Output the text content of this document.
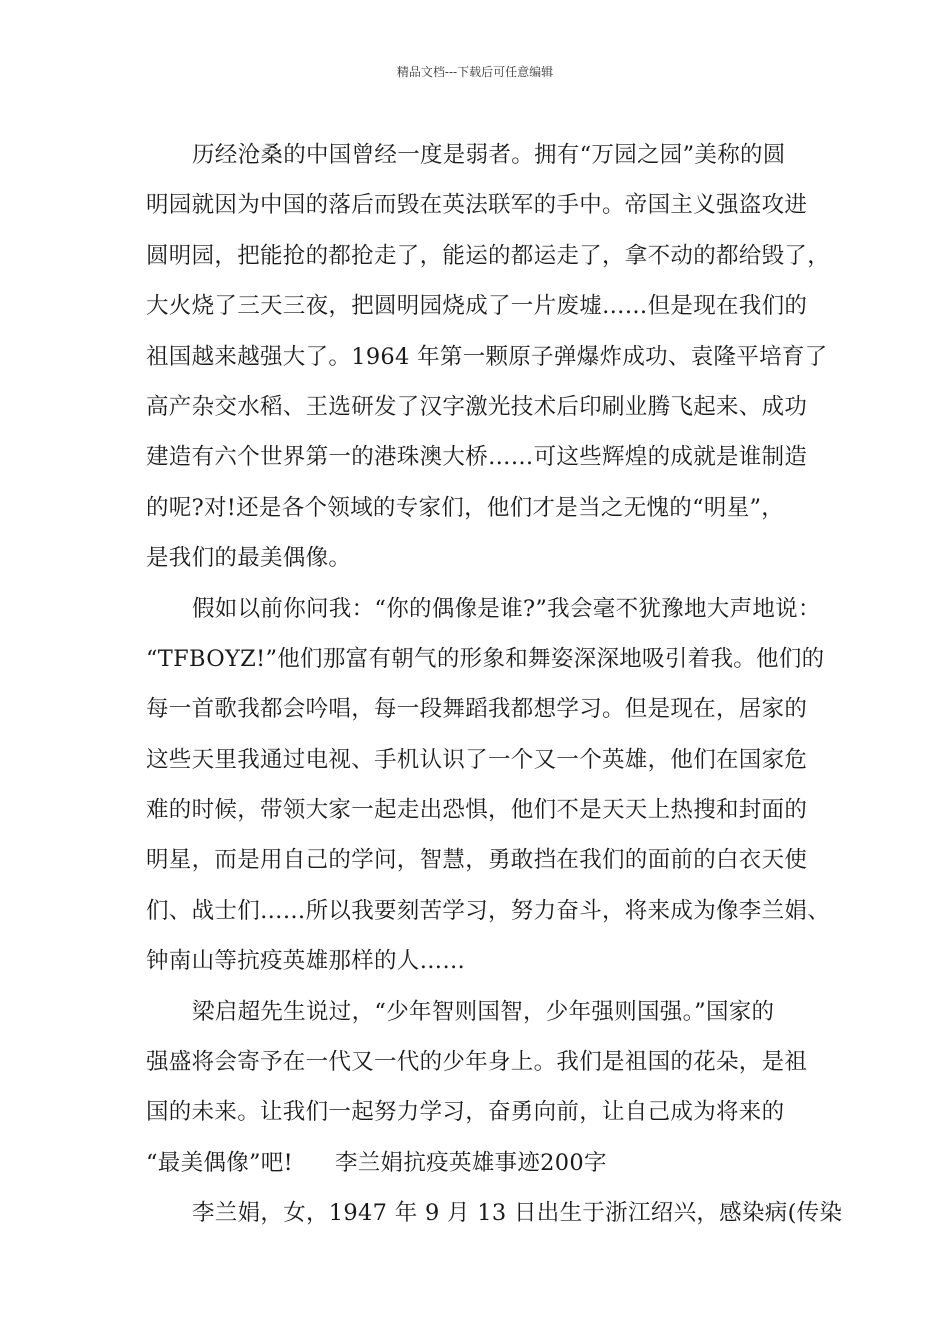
精品文档---下载后可任意编辑
历经沧桑的中国曾经一度是弱者。拥有“万园之园”美称的圆
明园就因为中国的落后而毁在英法联军的手中。帝国主义强盗攻进
圆明园，把能抢的都抢走了，能运的都运走了，拿不动的都给毁了，
大火烧了三天三夜，把圆明园烧成了一片废墟……但是现在我们的
祖国越来越强大了。1964 年第一颗原子弹爆炸成功、袁隆平培育了
高产杂交水稻、王选研发了汉字激光技术后印刷业腾飞起来、成功
建造有六个世界第一的港珠澳大桥……可这些辉煌的成就是谁制造
的呢?对!还是各个领域的专家们，他们才是当之无愧的“明星”，
是我们的最美偶像。
假如以前你问我：“你的偶像是谁?”我会毫不犹豫地大声地说：
“TFBOYZ!”他们那富有朝气的形象和舞姿深深地吸引着我。他们的
每一首歌我都会吟唱，每一段舞蹈我都想学习。但是现在，居家的
这些天里我通过电视、手机认识了一个又一个英雄，他们在国家危
难的时候，带领大家一起走出恐惧，他们不是天天上热搜和封面的
明星，而是用自己的学问，智慧，勇敢挡在我们的面前的白衣天使
们、战士们……所以我要刻苦学习，努力奋斗，将来成为像李兰娟、
钟南山等抗疫英雄那样的人……
梁启超先生说过，“少年智则国智，少年强则国强。”国家的
强盛将会寄予在一代又一代的少年身上。我们是祖国的花朵，是祖
国的未来。让我们一起努力学习，奋勇向前，让自己成为将来的
“最美偶像”吧! 李兰娟抗疫英雄事迹200字
李兰娟，女，1947 年 9 月 13 日出生于浙江绍兴，感染病(传染
